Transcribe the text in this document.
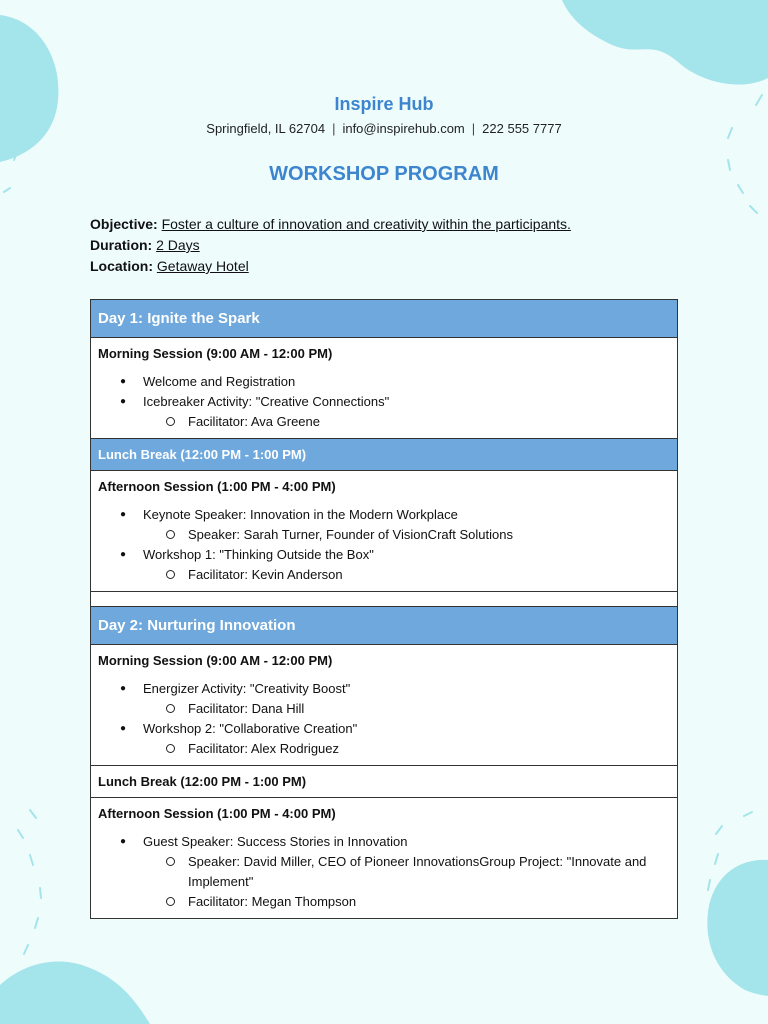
Inspire Hub
Springfield, IL 62704 | info@inspirehub.com | 222 555 7777
WORKSHOP PROGRAM
Objective: Foster a culture of innovation and creativity within the participants.
Duration: 2 Days
Location: Getaway Hotel
Day 1: Ignite the Spark
Morning Session (9:00 AM - 12:00 PM)
● Welcome and Registration
● Icebreaker Activity: "Creative Connections"
Facilitator: Ava Greene
Lunch Break (12:00 PM - 1:00 PM)
Afternoon Session (1:00 PM - 4:00 PM)
● Keynote Speaker: Innovation in the Modern Workplace
Speaker: Sarah Turner, Founder of VisionCraft Solutions
● Workshop 1: "Thinking Outside the Box"
Facilitator: Kevin Anderson
Day 2: Nurturing Innovation
Morning Session (9:00 AM - 12:00 PM)
● Energizer Activity: "Creativity Boost"
Facilitator: Dana Hill
● Workshop 2: "Collaborative Creation"
Facilitator: Alex Rodriguez
Lunch Break (12:00 PM - 1:00 PM)
Afternoon Session (1:00 PM - 4:00 PM)
● Guest Speaker: Success Stories in Innovation
Speaker: David Miller, CEO of Pioneer InnovationsGroup Project: "Innovate and Implement"
Facilitator: Megan Thompson
